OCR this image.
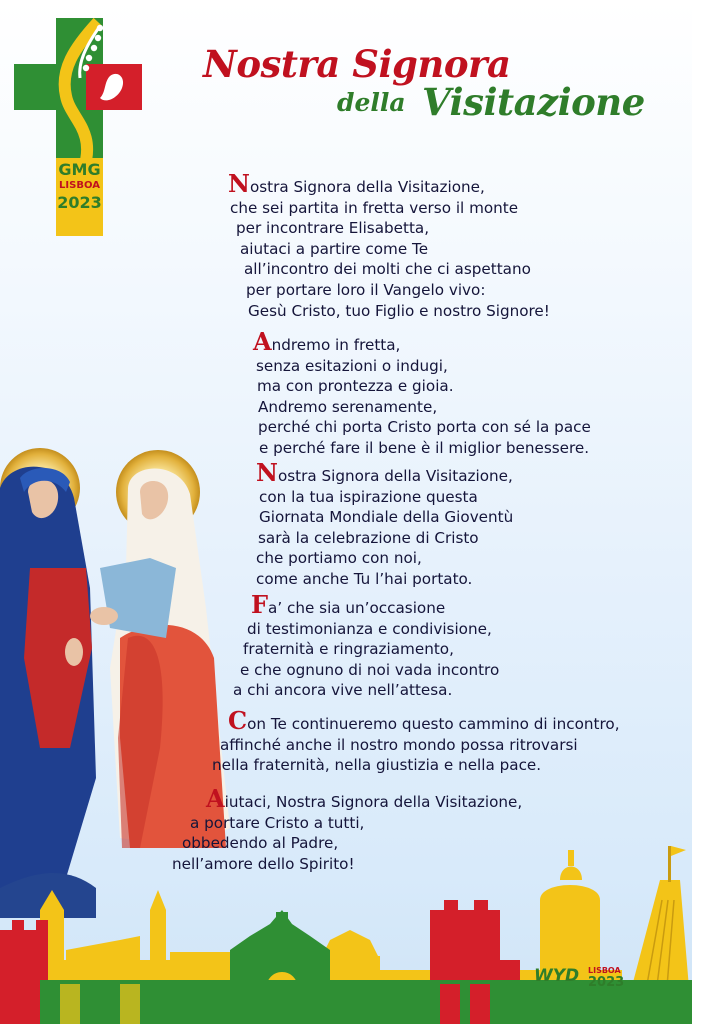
GMG
LISBOA
2023
Nostra Signora
della Visitazione
Nostra Signora della Visitazione,
che sei partita in fretta verso il monte
per incontrare Elisabetta,
aiutaci a partire come Te
all’incontro dei molti che ci aspettano
per portare loro il Vangelo vivo:
Gesù Cristo, tuo Figlio e nostro Signore!
Andremo in fretta,
senza esitazioni o indugi,
ma con prontezza e gioia.
Andremo serenamente,
perché chi porta Cristo porta con sé la pace
e perché fare il bene è il miglior benessere.
Nostra Signora della Visitazione,
con la tua ispirazione questa
Giornata Mondiale della Gioventù
sarà la celebrazione di Cristo
che portiamo con noi,
come anche Tu l’hai portato.
Fa’ che sia un’occasione
di testimonianza e condivisione,
fraternità e ringraziamento,
e che ognuno di noi vada incontro
a chi ancora vive nell’attesa.
Con Te continueremo questo cammino di incontro,
affinché anche il nostro mondo possa ritrovarsi
nella fraternità, nella giustizia e nella pace.
Aiutaci, Nostra Signora della Visitazione,
a portare Cristo a tutti,
obbedendo al Padre,
nell’amore dello Spirito!
WYD LISBOA
2023
